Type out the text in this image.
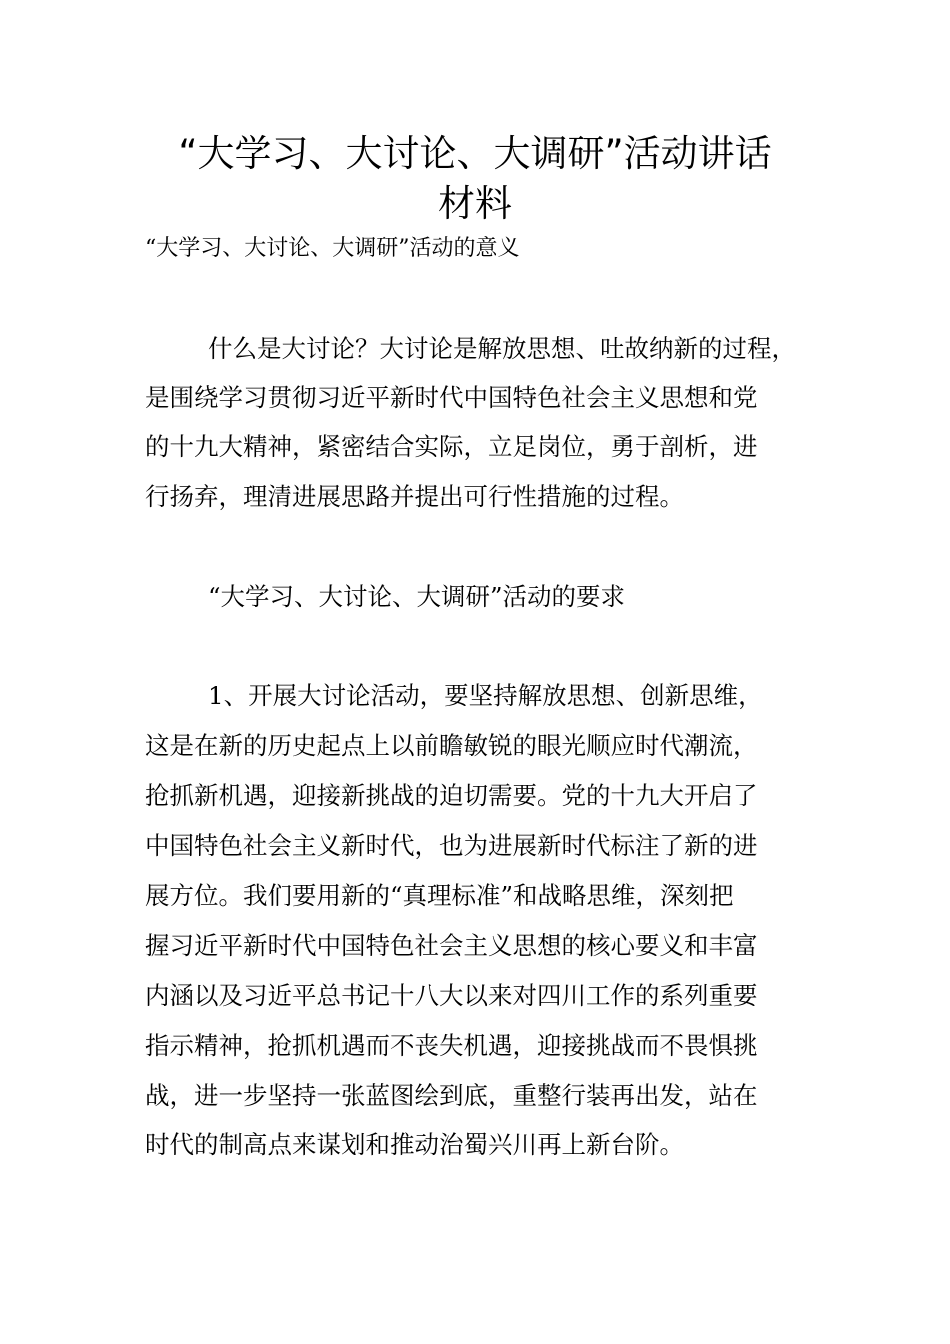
“大学习、大讨论、大调研”活动讲话
材料
“大学习、大讨论、大调研”活动的意义
什么是大讨论？大讨论是解放思想、吐故纳新的过程，
是围绕学习贯彻习近平新时代中国特色社会主义思想和党
的十九大精神，紧密结合实际，立足岗位，勇于剖析，进
行扬弃，理清进展思路并提出可行性措施的过程。
“大学习、大讨论、大调研”活动的要求
1、开展大讨论活动，要坚持解放思想、创新思维，
这是在新的历史起点上以前瞻敏锐的眼光顺应时代潮流，
抢抓新机遇，迎接新挑战的迫切需要。党的十九大开启了
中国特色社会主义新时代，也为进展新时代标注了新的进
展方位。我们要用新的“真理标准”和战略思维，深刻把
握习近平新时代中国特色社会主义思想的核心要义和丰富
内涵以及习近平总书记十八大以来对四川工作的系列重要
指示精神，抢抓机遇而不丧失机遇，迎接挑战而不畏惧挑
战，进一步坚持一张蓝图绘到底，重整行装再出发，站在
时代的制高点来谋划和推动治蜀兴川再上新台阶。
